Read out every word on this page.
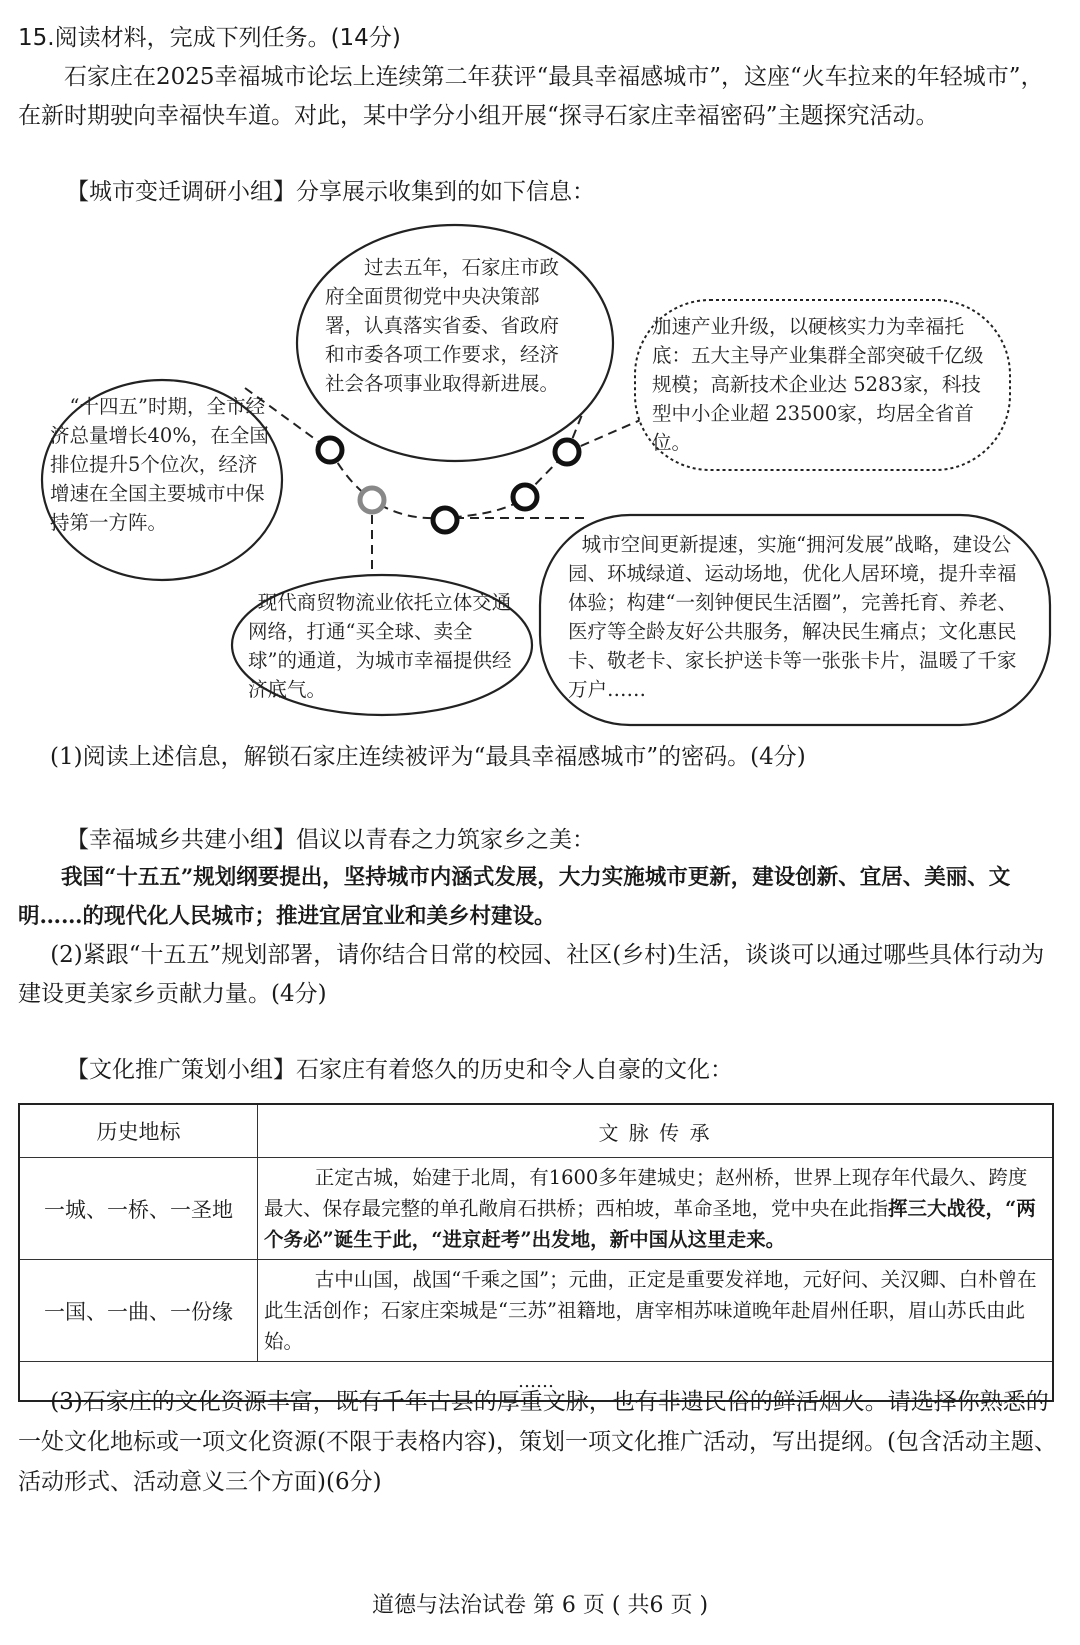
15.阅读材料，完成下列任务。(14分)

石家庄在2025幸福城市论坛上连续第二年获评“最具幸福感城市”，这座“火车拉来的年轻城市”，在新时期驶向幸福快车道。对此，某中学分小组开展“探寻石家庄幸福密码”主题探究活动。

【城市变迁调研小组】分享展示收集到的如下信息：

过去五年，石家庄市政府全面贯彻党中央决策部署，认真落实省委、省政府和市委各项工作要求，经济社会各项事业取得新进展。
“十四五”时期，全市经济总量增长40%，在全国排位提升5个位次，经济增速在全国主要城市中保持第一方阵。
加速产业升级，以硬核实力为幸福托底：五大主导产业集群全部突破千亿级规模；高新技术企业达 5283家，科技型中小企业超 23500家，均居全省首位。
现代商贸物流业依托立体交通网络，打通“买全球、卖全球”的通道，为城市幸福提供经济底气。
城市空间更新提速，实施“拥河发展”战略，建设公园、环城绿道、运动场地，优化人居环境，提升幸福体验；构建“一刻钟便民生活圈”，完善托育、养老、医疗等全龄友好公共服务，解决民生痛点；文化惠民卡、敬老卡、家长护送卡等一张张卡片，温暖了千家万户……

(1)阅读上述信息，解锁石家庄连续被评为“最具幸福感城市”的密码。(4分)

【幸福城乡共建小组】倡议以青春之力筑家乡之美：

我国“十五五”规划纲要提出，坚持城市内涵式发展，大力实施城市更新，建设创新、宜居、美丽、文明……的现代化人民城市；推进宜居宜业和美乡村建设。

(2)紧跟“十五五”规划部署，请你结合日常的校园、社区(乡村)生活，谈谈可以通过哪些具体行动为建设更美家乡贡献力量。(4分)

【文化推广策划小组】石家庄有着悠久的历史和令人自豪的文化：

历史地标	文 脉 传 承
一城、一桥、一圣地	正定古城，始建于北周，有1600多年建城史；赵州桥，世界上现存年代最久、跨度最大、保存最完整的单孔敞肩石拱桥；西柏坡，革命圣地，党中央在此指挥三大战役，“两个务必”诞生于此，“进京赶考”出发地，新中国从这里走来。
一国、一曲、一份缘	古中山国，战国“千乘之国”；元曲，正定是重要发祥地，元好问、关汉卿、白朴曾在此生活创作；石家庄栾城是“三苏”祖籍地，唐宰相苏味道晚年赴眉州任职，眉山苏氏由此始。
……	

(3)石家庄的文化资源丰富，既有千年古县的厚重文脉，也有非遗民俗的鲜活烟火。请选择你熟悉的一处文化地标或一项文化资源(不限于表格内容)，策划一项文化推广活动，写出提纲。(包含活动主题、活动形式、活动意义三个方面)(6分)

道德与法治试卷 第 6 页 ( 共6 页 )
